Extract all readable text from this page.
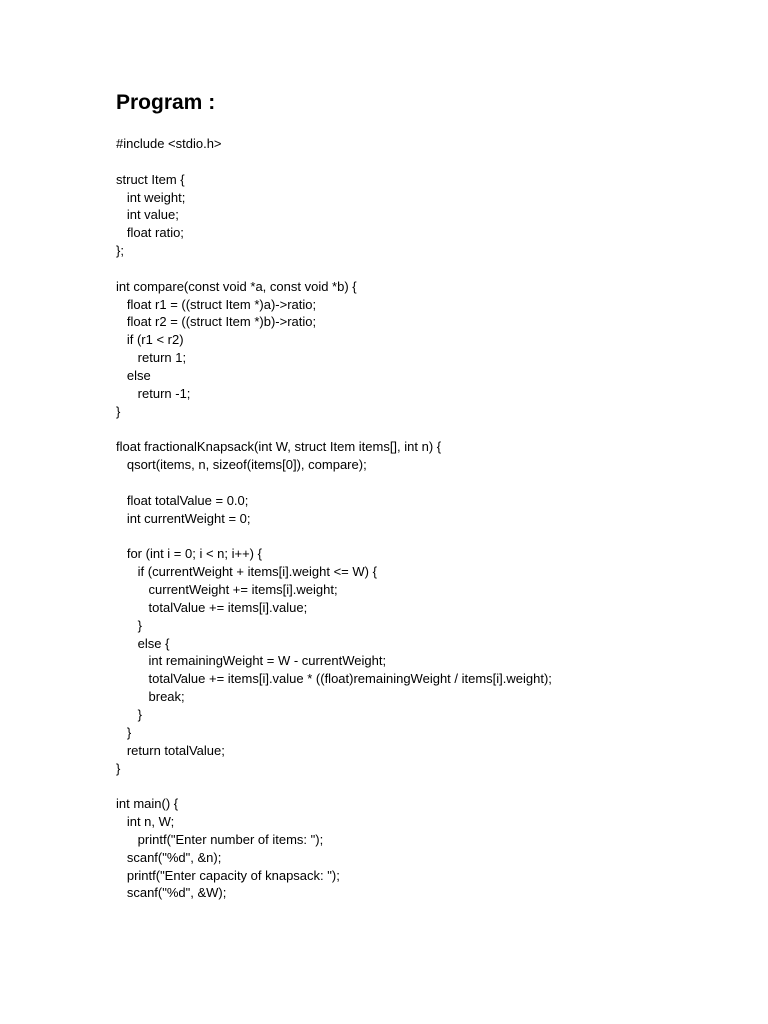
Program :
#include <stdio.h>
struct Item {
int weight;
int value;
float ratio;
};
int compare(const void *a, const void *b) {
float r1 = ((struct Item *)a)->ratio;
float r2 = ((struct Item *)b)->ratio;
if (r1 < r2)
return 1;
else
return -1;
}
float fractionalKnapsack(int W, struct Item items[], int n) {
qsort(items, n, sizeof(items[0]), compare);
float totalValue = 0.0;
int currentWeight = 0;
for (int i = 0; i < n; i++) {
if (currentWeight + items[i].weight <= W) {
currentWeight += items[i].weight;
totalValue += items[i].value;
}
else {
int remainingWeight = W - currentWeight;
totalValue += items[i].value * ((float)remainingWeight / items[i].weight);
break;
}
}
return totalValue;
}
int main() {
int n, W;
printf("Enter number of items: ");
scanf("%d", &n);
printf("Enter capacity of knapsack: ");
scanf("%d", &W);
